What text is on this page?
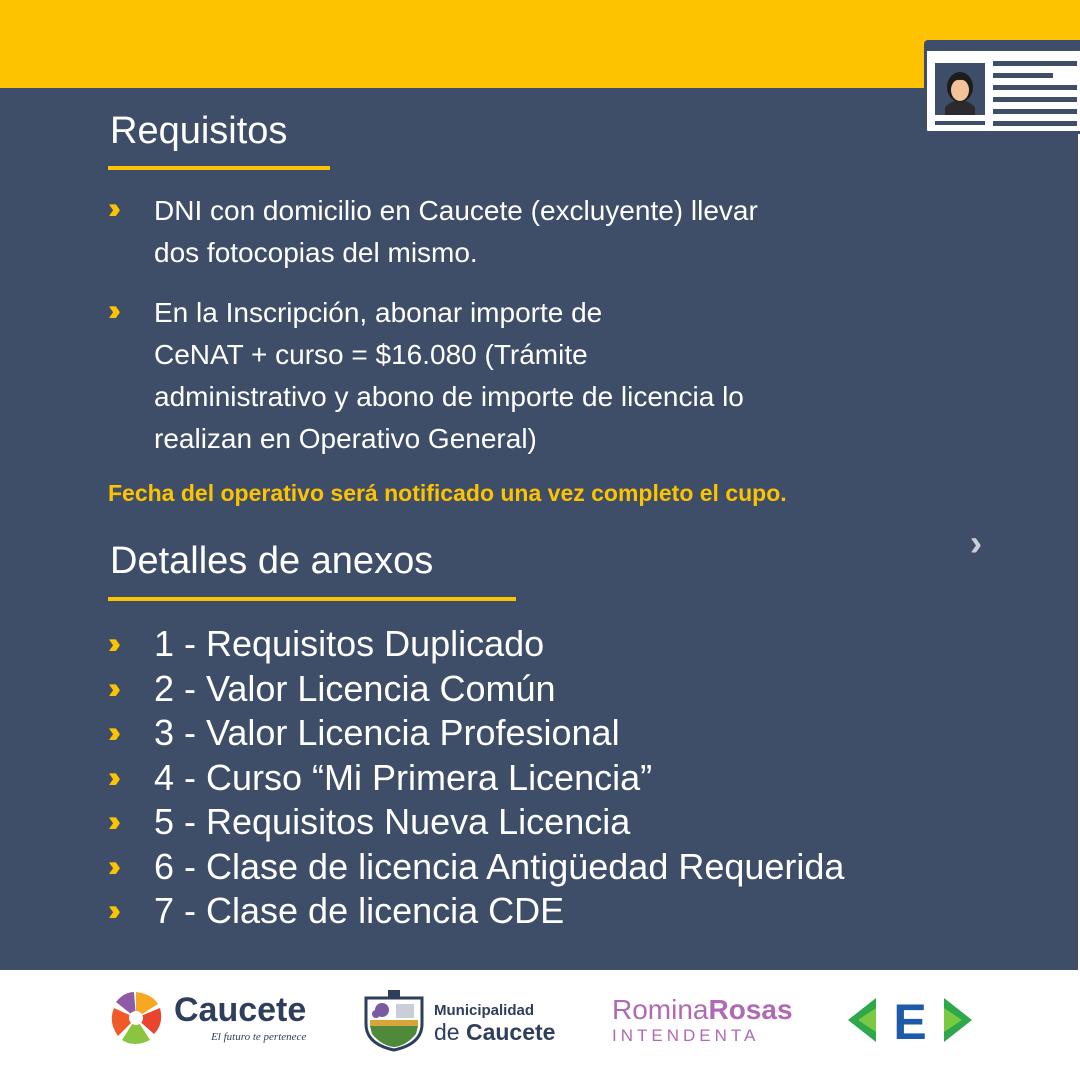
Requisitos
››	DNI con domicilio en Caucete (excluyente) llevar
dos fotocopias del mismo.
››	En la Inscripción, abonar importe de
CeNAT + curso = $16.080 (Trámite
administrativo y abono de importe de licencia lo
realizan en Operativo General)
Fecha del operativo será notificado una vez completo el cupo.
Detalles de anexos
››	1 - Requisitos Duplicado
››	2 - Valor Licencia Común
››	3 - Valor Licencia Profesional
››	4 - Curso “Mi Primera Licencia”
››	5 - Requisitos Nueva Licencia
››	6 - Clase de licencia Antigüedad Requerida
››	7 - Clase de licencia CDE
Caucete
El futuro te pertenece
Municipalidad
de Caucete
RominaRosas
INTENDENTA	E
